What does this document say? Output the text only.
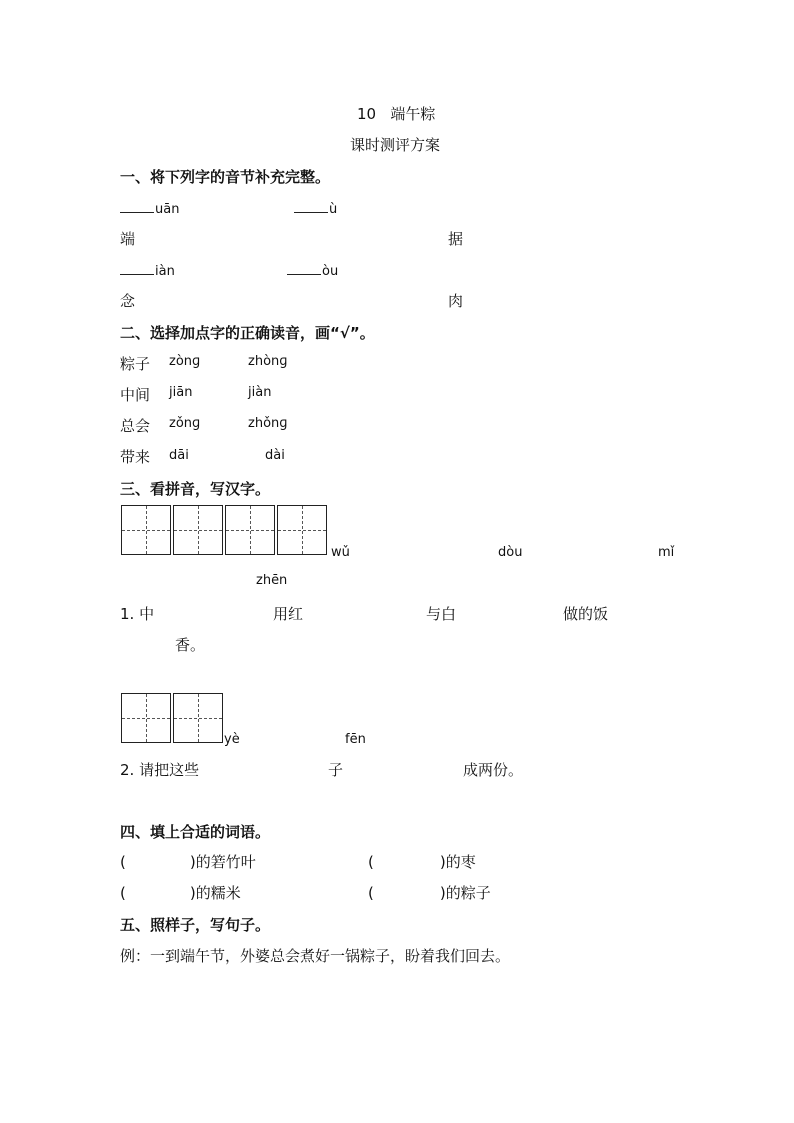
10 端午粽
课时测评方案
一、将下列字的音节补充完整。
uān	ù
端	据
iàn	òu
念	肉
二、选择加点字的正确读音，画“√”。
粽子 zònɡ	zhònɡ
中间 jiān	jiàn
总会 zǒnɡ	zhǒnɡ
带来 dāi	dài
三、看拼音，写汉字。
wǔ	dòu	mǐ
zhēn
1. 中	用红	与白	做的饭
香。
yè	fēn
2. 请把这些	子	成两份。
四、填上合适的词语。
(	)的箬竹叶	(	)的枣
(	)的糯米	(	)的粽子
五、照样子，写句子。
例：一到端午节，外婆总会煮好一锅粽子，盼着我们回去。
